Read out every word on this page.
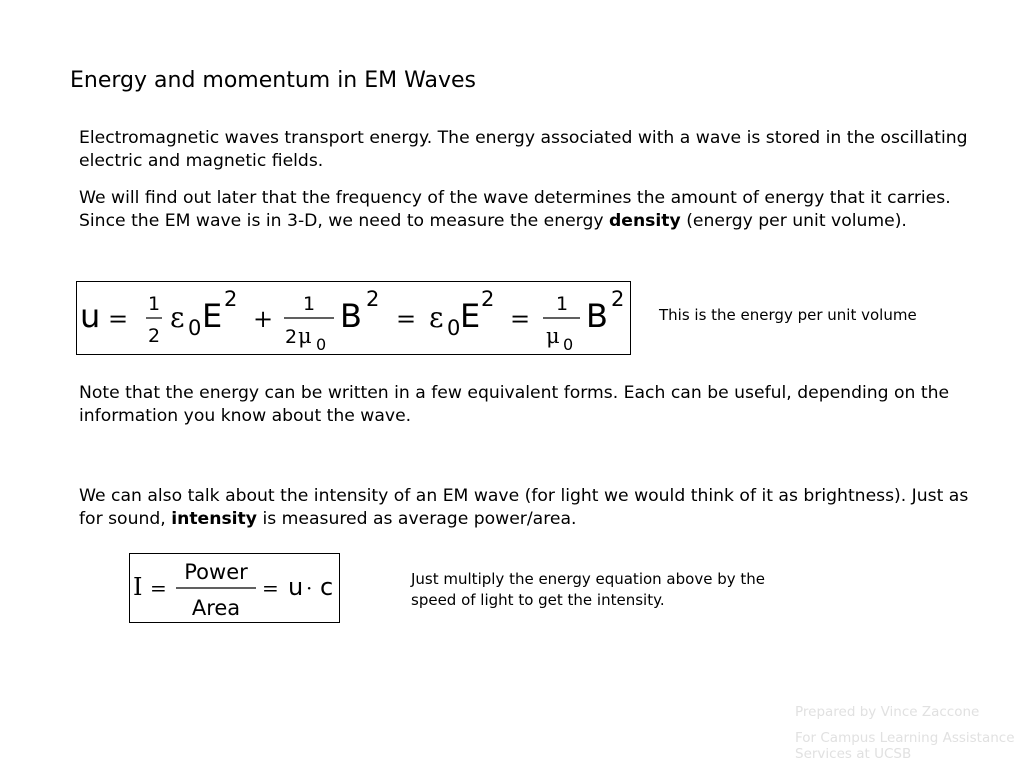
Energy and momentum in EM Waves

Electromagnetic waves transport energy. The energy associated with a wave is stored in the oscillating electric and magnetic fields.

We will find out later that the frequency of the wave determines the amount of energy that it carries. Since the EM wave is in 3-D, we need to measure the energy density (energy per unit volume).

u =
1
2
ε 0 E 2
+
1
2 μ 0
B 2
= ε 0 E 2
=
1
μ 0
B 2

This is the energy per unit volume

Note that the energy can be written in a few equivalent forms. Each can be useful, depending on the information you know about the wave.

We can also talk about the intensity of an EM wave (for light we would think of it as brightness). Just as for sound, intensity is measured as average power/area.

I =
Power
Area
= u · c	Just multiply the energy equation above by the speed of light to get the intensity.

Prepared by Vince Zaccone

For Campus Learning Assistance Services at UCSB
